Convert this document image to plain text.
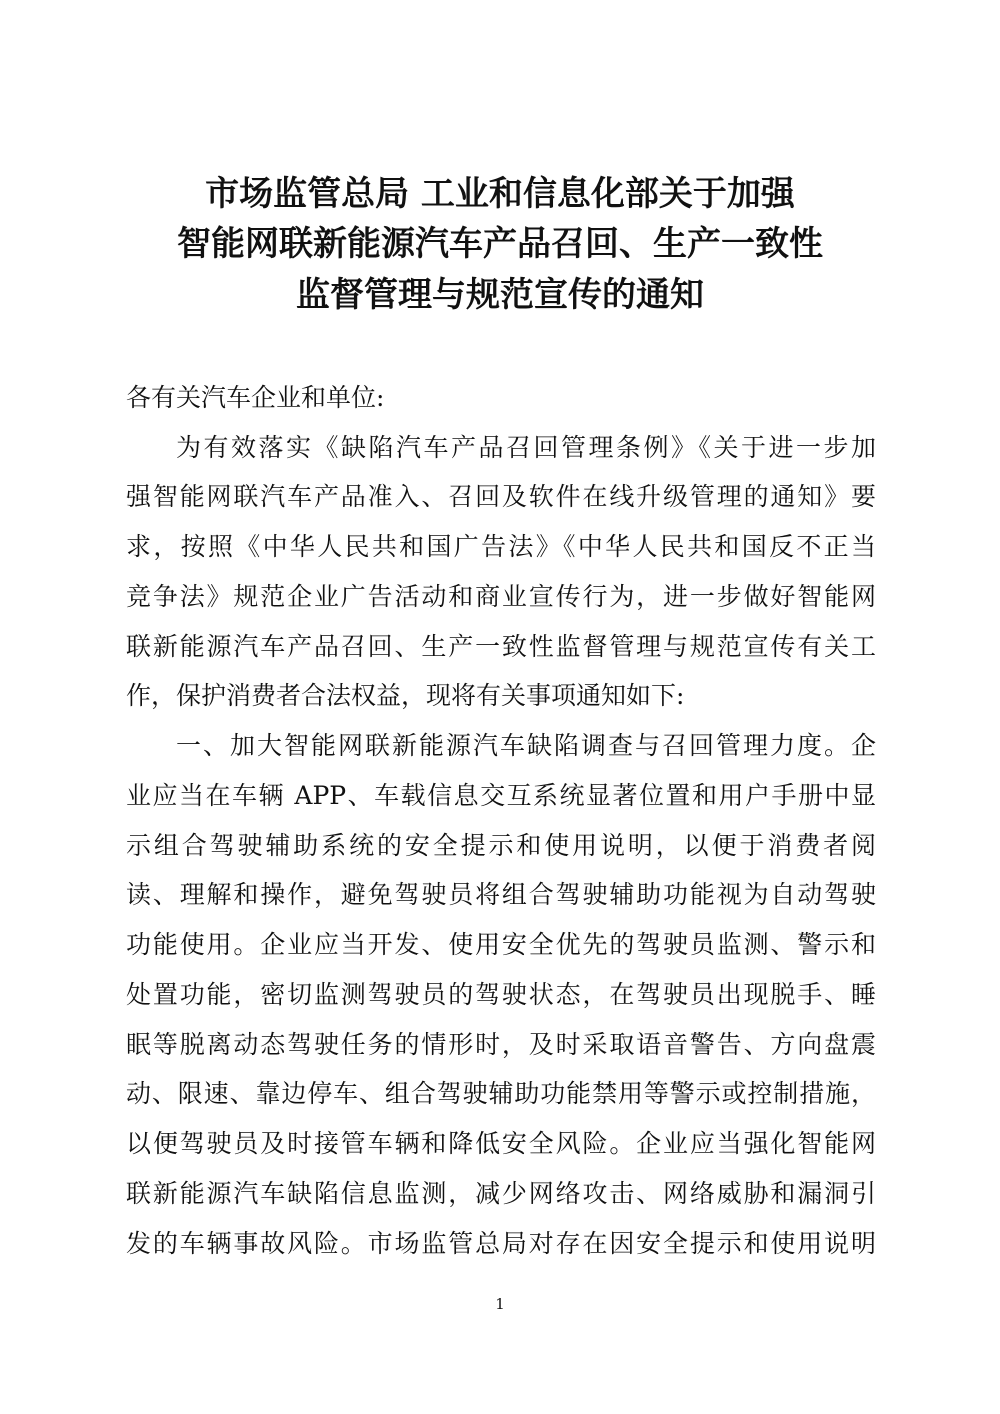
市场监管总局 工业和信息化部关于加强
智能网联新能源汽车产品召回、生产一致性
监督管理与规范宣传的通知

各有关汽车企业和单位:

为有效落实《缺陷汽车产品召回管理条例》《关于进一步加

强智能网联汽车产品准入、召回及软件在线升级管理的通知》要

求，按照《中华人民共和国广告法》《中华人民共和国反不正当

竞争法》规范企业广告活动和商业宣传行为，进一步做好智能网

联新能源汽车产品召回、生产一致性监督管理与规范宣传有关工

作，保护消费者合法权益，现将有关事项通知如下:

一、加大智能网联新能源汽车缺陷调查与召回管理力度。企

业应当在车辆 APP、车载信息交互系统显著位置和用户手册中显

示组合驾驶辅助系统的安全提示和使用说明，以便于消费者阅

读、理解和操作，避免驾驶员将组合驾驶辅助功能视为自动驾驶

功能使用。企业应当开发、使用安全优先的驾驶员监测、警示和

处置功能，密切监测驾驶员的驾驶状态，在驾驶员出现脱手、睡

眠等脱离动态驾驶任务的情形时，及时采取语音警告、方向盘震

动、限速、靠边停车、组合驾驶辅助功能禁用等警示或控制措施，

以便驾驶员及时接管车辆和降低安全风险。企业应当强化智能网

联新能源汽车缺陷信息监测，减少网络攻击、网络威胁和漏洞引

发的车辆事故风险。市场监管总局对存在因安全提示和使用说明

1
